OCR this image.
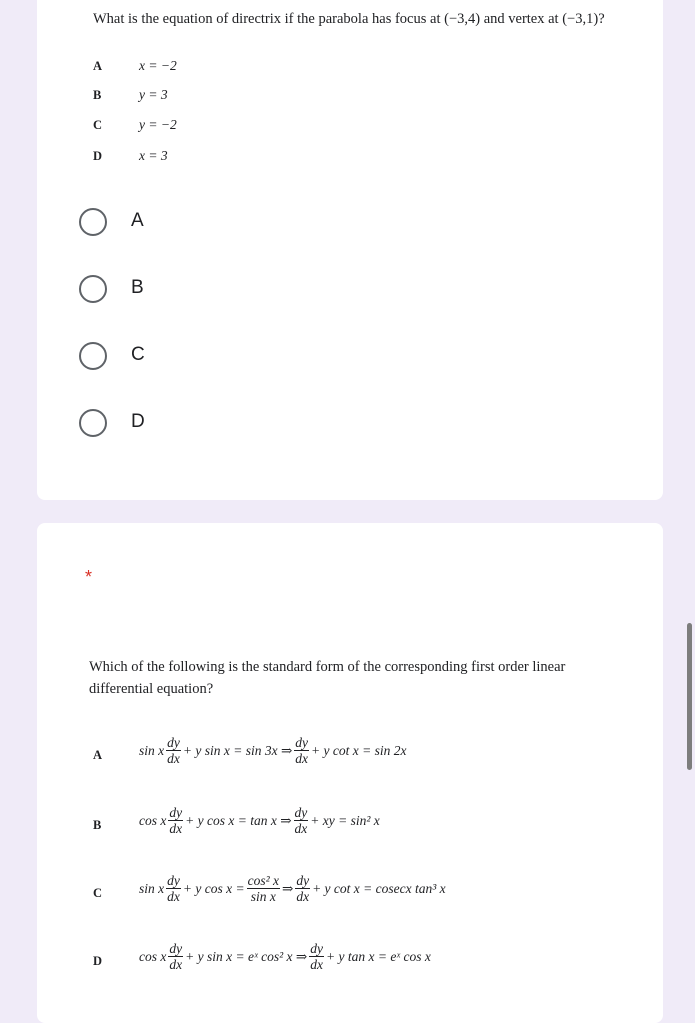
What is the equation of directrix if the parabola has focus at (−3,4) and vertex at (−3,1)?
A	x = −2
B	y = 3
C	y = −2
D	x = 3
A
B
C
D
*
Which of the following is the standard form of the corresponding first order linear differential equation?
A	sin x $\frac{dy}{dx} + y$ sin x = sin 3x ⇒ $\frac{dy}{dx} + y$ cot x = sin 2x
B	cos x $\frac{dy}{dx} + y$ cos x = tan x ⇒ $\frac{dy}{dx}$ + xy = sin² x
C	sin x $\frac{dy}{dx} + y$ $\cos x = \frac{\text{cos² x}}{\text{sin x}}$ ⇒ $\frac{dy}{dx} + y$ cot x = cosecx tan³ x
D	cos x $\frac{dy}{dx} + y$ sin x = eˣ cos² x ⇒ $\frac{dy}{dx} + y$ tan x = eˣ cos x
